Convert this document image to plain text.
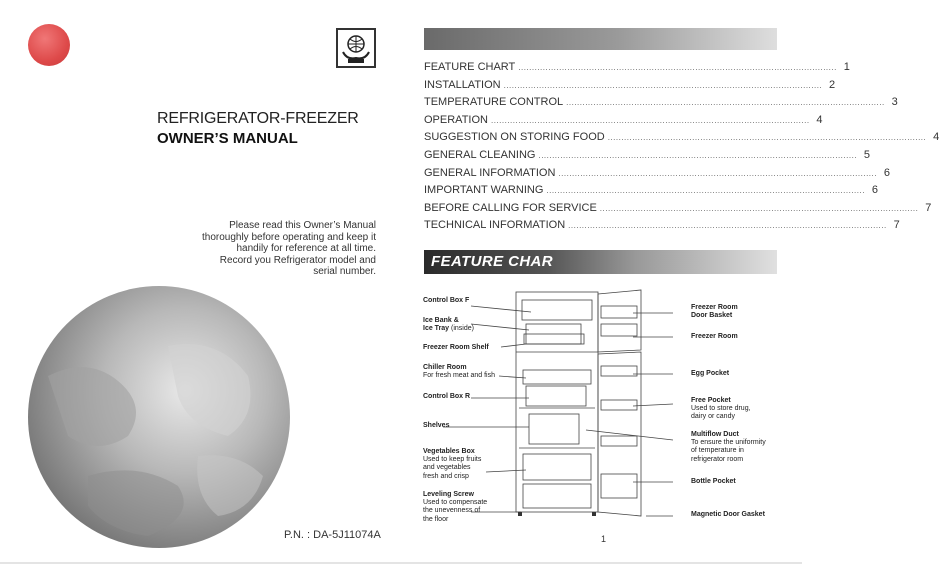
REFRIGERATOR-FREEZER
OWNER’S MANUAL
Please read this Owner’s Manual
thoroughly before operating and keep it
handily for reference at all time.
Record you Refrigerator model and
serial number.
P.N. : DA-5J11074A
FEATURE CHART ..................................................................................................................... 1
INSTALLATION ..................................................................................................................... 2
TEMPERATURE CONTROL ..................................................................................................................... 3
OPERATION ..................................................................................................................... 4
SUGGESTION ON STORING FOOD ..................................................................................................................... 4
GENERAL CLEANING ..................................................................................................................... 5
GENERAL INFORMATION ..................................................................................................................... 6
IMPORTANT WARNING ..................................................................................................................... 6
BEFORE CALLING FOR SERVICE ..................................................................................................................... 7
TECHNICAL INFORMATION ..................................................................................................................... 7
FEATURE CHAR
Control Box F
Ice Bank &
Ice Tray (inside)
Freezer Room Shelf
Chiller Room
For fresh meat and fish
Control Box R
Shelves
Vegetables Box
Used to keep fruits
and vegetables
fresh and crisp
Leveling Screw
Used to compensate
the unevenness of
the floor
Freezer Room
Door Basket
Freezer Room
Egg Pocket
Free Pocket
Used to store drug,
dairy or candy
Multiflow Duct
To ensure the uniformity
of temperature in
refrigerator room
Bottle Pocket
Magnetic Door Gasket
1
